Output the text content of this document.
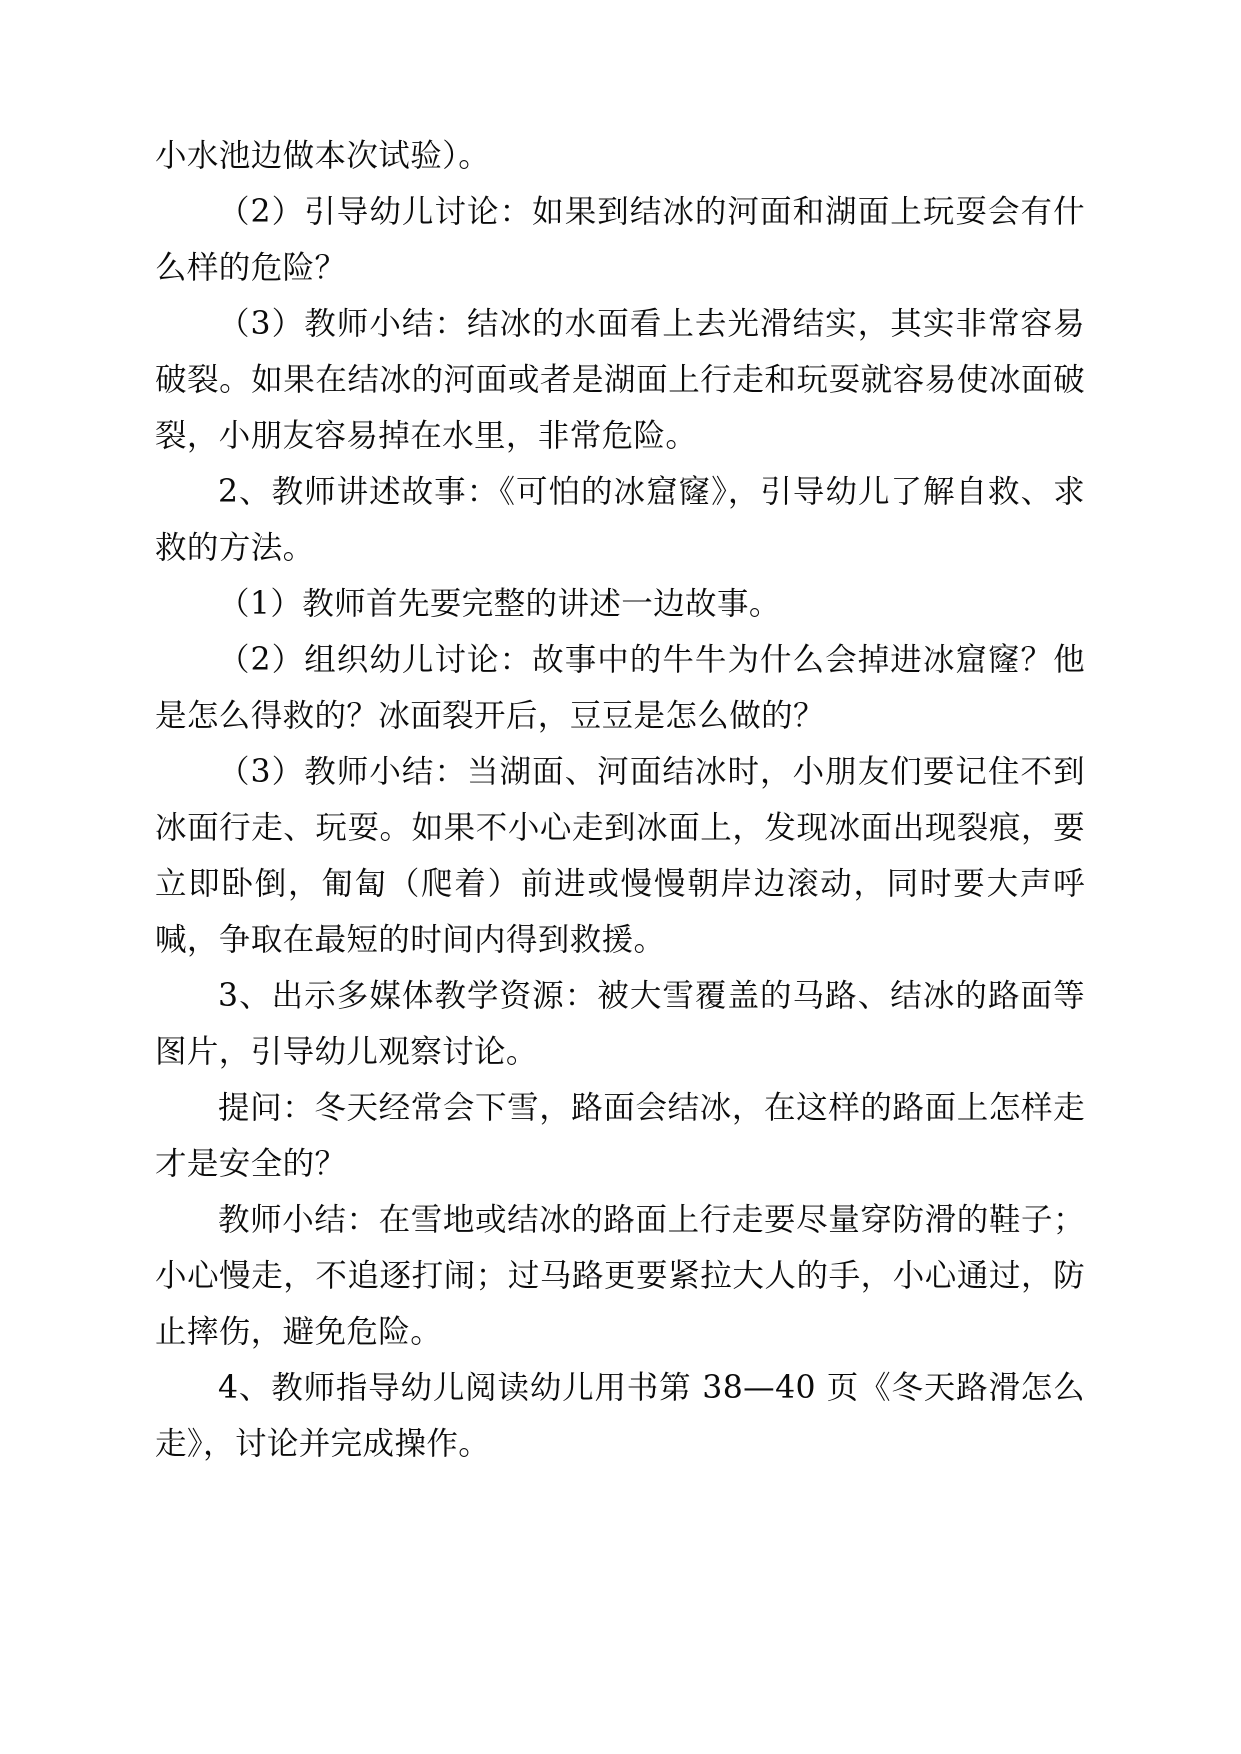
小水池边做本次试验）。

（2）引导幼儿讨论：如果到结冰的河面和湖面上玩耍会有什么样的危险？

（3）教师小结：结冰的水面看上去光滑结实，其实非常容易破裂。如果在结冰的河面或者是湖面上行走和玩耍就容易使冰面破裂，小朋友容易掉在水里，非常危险。

2、教师讲述故事：《可怕的冰窟窿》，引导幼儿了解自救、求救的方法。

（1）教师首先要完整的讲述一边故事。

（2）组织幼儿讨论：故事中的牛牛为什么会掉进冰窟窿？他是怎么得救的？冰面裂开后，豆豆是怎么做的？

（3）教师小结：当湖面、河面结冰时，小朋友们要记住不到冰面行走、玩耍。如果不小心走到冰面上，发现冰面出现裂痕，要立即卧倒，匍匐（爬着）前进或慢慢朝岸边滚动，同时要大声呼喊，争取在最短的时间内得到救援。

3、出示多媒体教学资源：被大雪覆盖的马路、结冰的路面等图片，引导幼儿观察讨论。

提问：冬天经常会下雪，路面会结冰，在这样的路面上怎样走才是安全的？

教师小结：在雪地或结冰的路面上行走要尽量穿防滑的鞋子；小心慢走，不追逐打闹；过马路更要紧拉大人的手，小心通过，防止摔伤，避免危险。

4、教师指导幼儿阅读幼儿用书第 38—40 页《冬天路滑怎么走》，讨论并完成操作。
